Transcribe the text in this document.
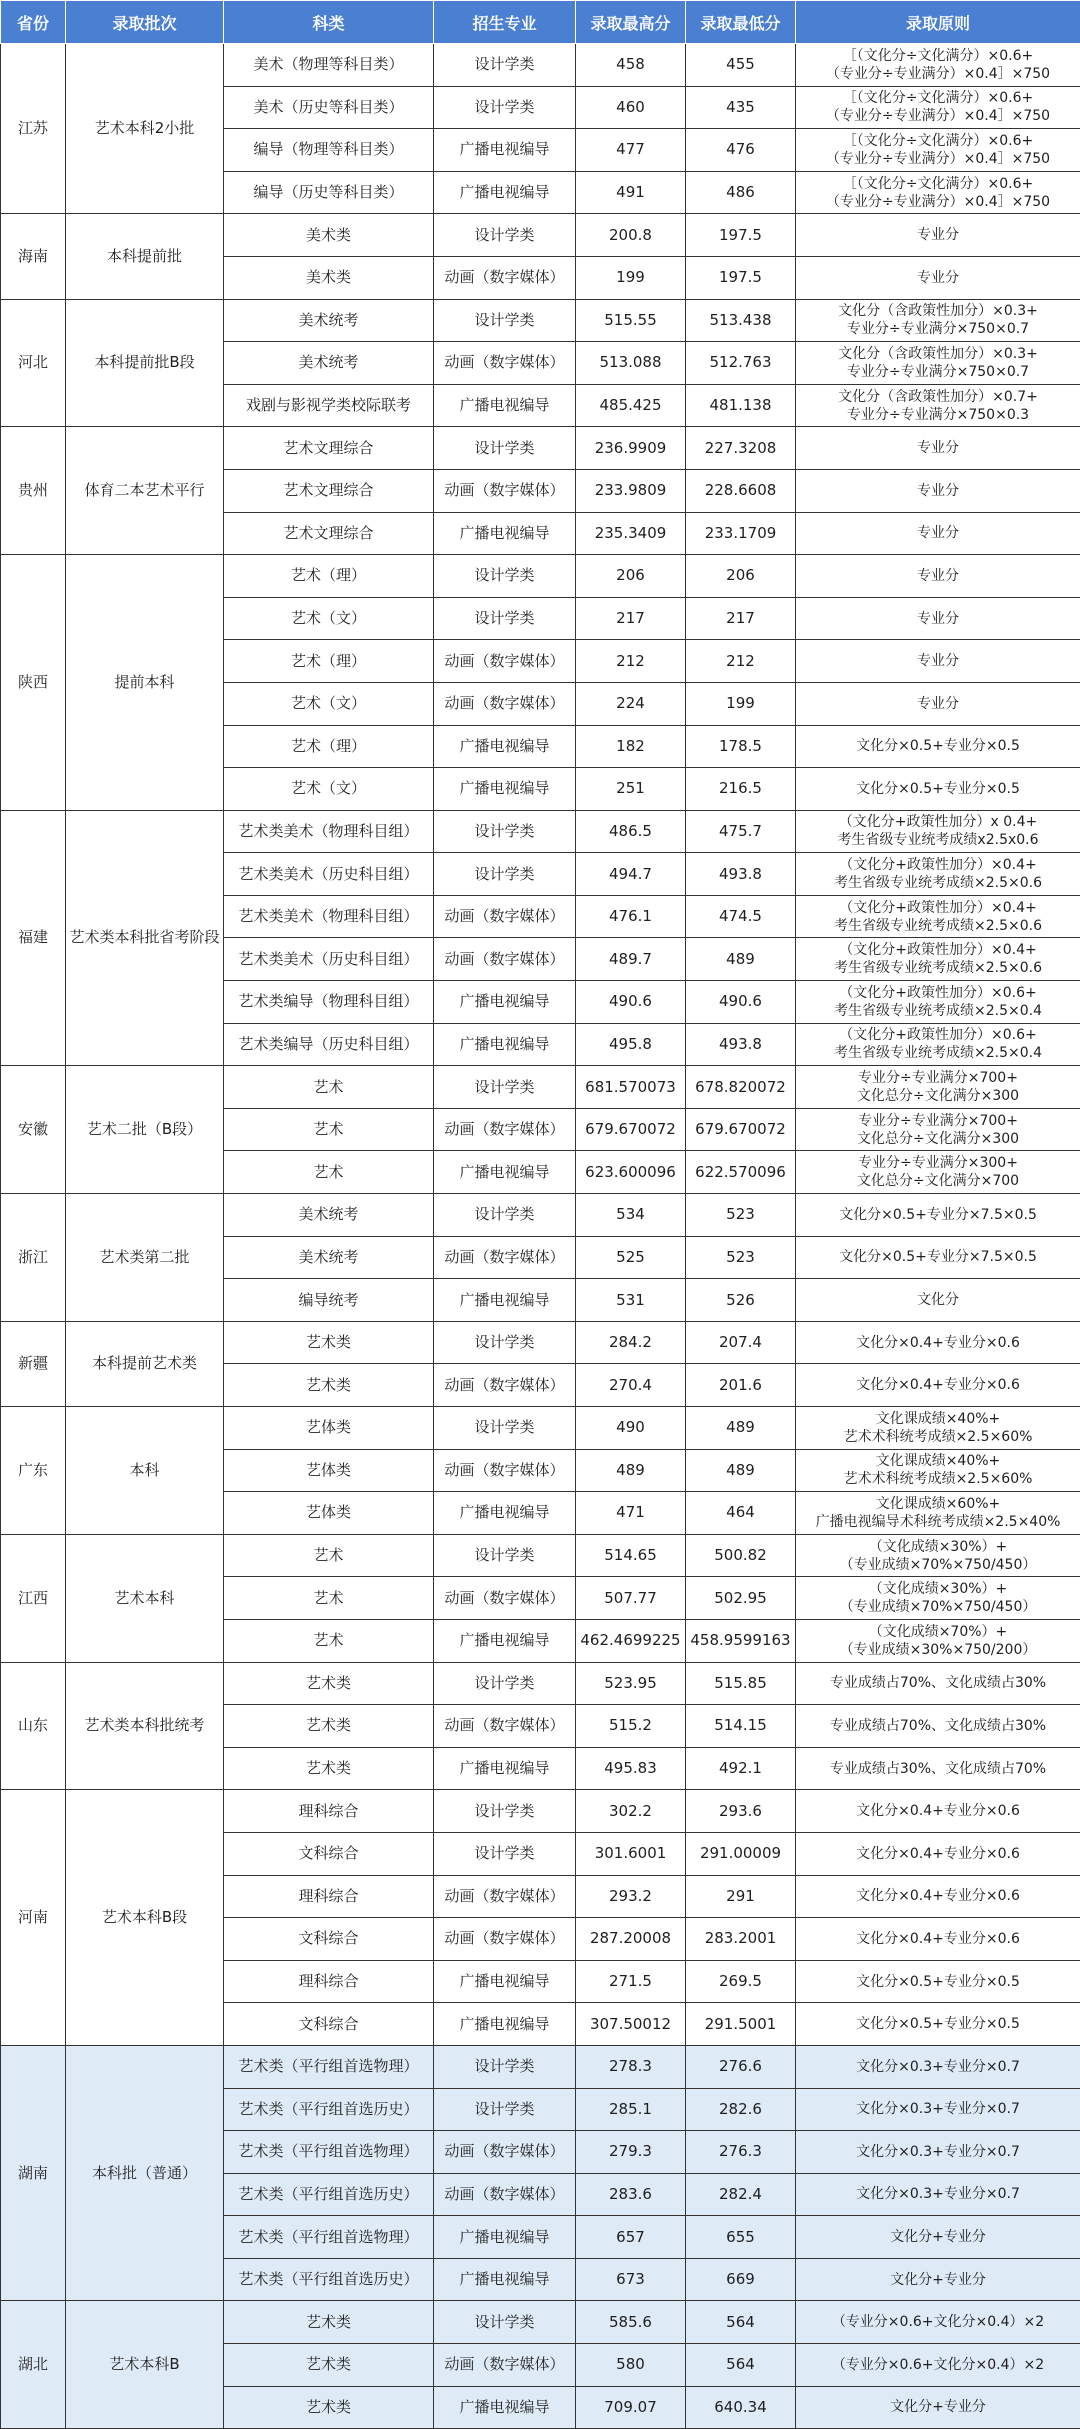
省份	录取批次	科类	招生专业	录取最高分	录取最低分	录取原则
江苏	艺术本科2小批	美术（物理等科目类）	设计学类	458	455	［（文化分÷文化满分）×0.6+
（专业分÷专业满分）×0.4］×750
		美术（历史等科目类）	设计学类	460	435	［（文化分÷文化满分）×0.6+
（专业分÷专业满分）×0.4］×750
		编导（物理等科目类）	广播电视编导	477	476	［（文化分÷文化满分）×0.6+
（专业分÷专业满分）×0.4］×750
		编导（历史等科目类）	广播电视编导	491	486	［（文化分÷文化满分）×0.6+
（专业分÷专业满分）×0.4］×750
海南	本科提前批	美术类	设计学类	200.8	197.5	专业分
		美术类	动画（数字媒体）	199	197.5	专业分
河北	本科提前批B段	美术统考	设计学类	515.55	513.438	文化分（含政策性加分）×0.3+
专业分÷专业满分×750×0.7
		美术统考	动画（数字媒体）	513.088	512.763	文化分（含政策性加分）×0.3+
专业分÷专业满分×750×0.7
		戏剧与影视学类校际联考	广播电视编导	485.425	481.138	文化分（含政策性加分）×0.7+
专业分÷专业满分×750×0.3
贵州	体育二本艺术平行	艺术文理综合	设计学类	236.9909	227.3208	专业分
		艺术文理综合	动画（数字媒体）	233.9809	228.6608	专业分
		艺术文理综合	广播电视编导	235.3409	233.1709	专业分
陕西	提前本科	艺术（理）	设计学类	206	206	专业分
		艺术（文）	设计学类	217	217	专业分
		艺术（理）	动画（数字媒体）	212	212	专业分
		艺术（文）	动画（数字媒体）	224	199	专业分
		艺术（理）	广播电视编导	182	178.5	文化分×0.5+专业分×0.5
		艺术（文）	广播电视编导	251	216.5	文化分×0.5+专业分×0.5
福建	艺术类本科批省考阶段	艺术类美术（物理科目组）	设计学类	486.5	475.7	（文化分+政策性加分）x 0.4+
考生省级专业统考成绩x2.5x0.6
		艺术类美术（历史科目组）	设计学类	494.7	493.8	（文化分+政策性加分）×0.4+
考生省级专业统考成绩×2.5×0.6
		艺术类美术（物理科目组）	动画（数字媒体）	476.1	474.5	（文化分+政策性加分）×0.4+
考生省级专业统考成绩×2.5×0.6
		艺术类美术（历史科目组）	动画（数字媒体）	489.7	489	（文化分+政策性加分）×0.4+
考生省级专业统考成绩×2.5×0.6
		艺术类编导（物理科目组）	广播电视编导	490.6	490.6	（文化分+政策性加分）×0.6+
考生省级专业统考成绩×2.5×0.4
		艺术类编导（历史科目组）	广播电视编导	495.8	493.8	（文化分+政策性加分）×0.6+
考生省级专业统考成绩×2.5×0.4
安徽	艺术二批（B段）	艺术	设计学类	681.570073	678.820072	专业分÷专业满分×700+
文化总分÷文化满分×300
		艺术	动画（数字媒体）	679.670072	679.670072	专业分÷专业满分×700+
文化总分÷文化满分×300
		艺术	广播电视编导	623.600096	622.570096	专业分÷专业满分×300+
文化总分÷文化满分×700
浙江	艺术类第二批	美术统考	设计学类	534	523	文化分×0.5+专业分×7.5×0.5
		美术统考	动画（数字媒体）	525	523	文化分×0.5+专业分×7.5×0.5
		编导统考	广播电视编导	531	526	文化分
新疆	本科提前艺术类	艺术类	设计学类	284.2	207.4	文化分×0.4+专业分×0.6
		艺术类	动画（数字媒体）	270.4	201.6	文化分×0.4+专业分×0.6
广东	本科	艺体类	设计学类	490	489	文化课成绩×40%+
艺术术科统考成绩×2.5×60%
		艺体类	动画（数字媒体）	489	489	文化课成绩×40%+
艺术术科统考成绩×2.5×60%
		艺体类	广播电视编导	471	464	文化课成绩×60%+
广播电视编导术科统考成绩×2.5×40%
江西	艺术本科	艺术	设计学类	514.65	500.82	（文化成绩×30%）+
（专业成绩×70%×750/450）
		艺术	动画（数字媒体）	507.77	502.95	（文化成绩×30%）+
（专业成绩×70%×750/450）
		艺术	广播电视编导	462.4699225	458.9599163	（文化成绩×70%）+
（专业成绩×30%×750/200）
山东	艺术类本科批统考	艺术类	设计学类	523.95	515.85	专业成绩占70%、文化成绩占30%
		艺术类	动画（数字媒体）	515.2	514.15	专业成绩占70%、文化成绩占30%
		艺术类	广播电视编导	495.83	492.1	专业成绩占30%、文化成绩占70%
河南	艺术本科B段	理科综合	设计学类	302.2	293.6	文化分×0.4+专业分×0.6
		文科综合	设计学类	301.6001	291.00009	文化分×0.4+专业分×0.6
		理科综合	动画（数字媒体）	293.2	291	文化分×0.4+专业分×0.6
		文科综合	动画（数字媒体）	287.20008	283.2001	文化分×0.4+专业分×0.6
		理科综合	广播电视编导	271.5	269.5	文化分×0.5+专业分×0.5
		文科综合	广播电视编导	307.50012	291.5001	文化分×0.5+专业分×0.5
湖南	本科批（普通）	艺术类（平行组首选物理）	设计学类	278.3	276.6	文化分×0.3+专业分×0.7
		艺术类（平行组首选历史）	设计学类	285.1	282.6	文化分×0.3+专业分×0.7
		艺术类（平行组首选物理）	动画（数字媒体）	279.3	276.3	文化分×0.3+专业分×0.7
		艺术类（平行组首选历史）	动画（数字媒体）	283.6	282.4	文化分×0.3+专业分×0.7
		艺术类（平行组首选物理）	广播电视编导	657	655	文化分+专业分
		艺术类（平行组首选历史）	广播电视编导	673	669	文化分+专业分
湖北	艺术本科B	艺术类	设计学类	585.6	564	（专业分×0.6+文化分×0.4）×2
		艺术类	动画（数字媒体）	580	564	（专业分×0.6+文化分×0.4）×2
		艺术类	广播电视编导	709.07	640.34	文化分+专业分
